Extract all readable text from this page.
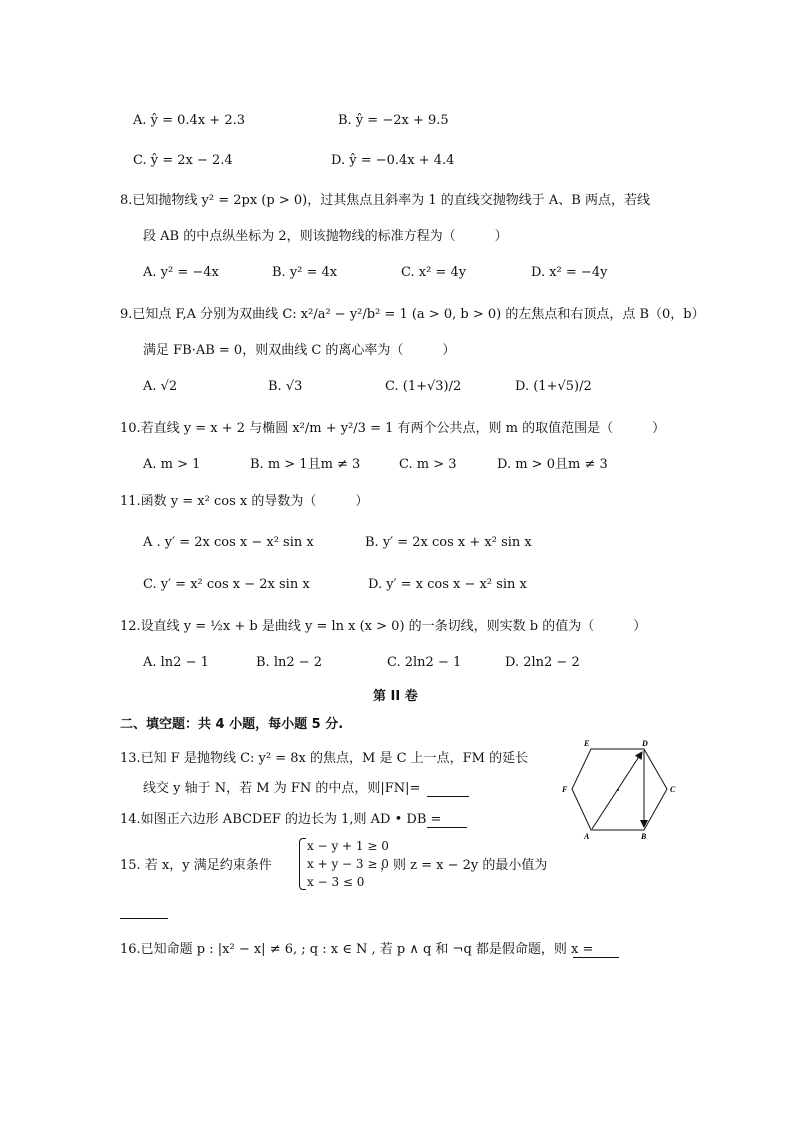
A. ŷ = 0.4x + 2.3	B. ŷ = −2x + 9.5
C. ŷ = 2x − 2.4	D. ŷ = −0.4x + 4.4
8.已知抛物线 y² = 2px (p > 0)，过其焦点且斜率为 1 的直线交抛物线于 A、B 两点，若线
段 AB 的中点纵坐标为 2，则该抛物线的标准方程为（　　　）
A. y² = −4x	B. y² = 4x	C. x² = 4y	D. x² = −4y
9.已知点 F,A 分别为双曲线 C: x²/a² − y²/b² = 1 (a > 0, b > 0) 的左焦点和右顶点，点 B（0，b）
满足 FB·AB = 0，则双曲线 C 的离心率为（　　　）
A. √2	B. √3	C. (1+√3)/2	D. (1+√5)/2
10.若直线 y = x + 2 与椭圆 x²/m + y²/3 = 1 有两个公共点，则 m 的取值范围是（　　　）
A. m > 1	B. m > 1且m ≠ 3	C. m > 3	D. m > 0且m ≠ 3
11.函数 y = x² cos x 的导数为（　　　）
A . y′ = 2x cos x − x² sin x	B. y′ = 2x cos x + x² sin x
C. y′ = x² cos x − 2x sin x	D. y′ = x cos x − x² sin x
12.设直线 y = ½x + b 是曲线 y = ln x (x > 0) 的一条切线，则实数 b 的值为（　　　）
A. ln2 − 1	B. ln2 − 2	C. 2ln2 − 1	D. 2ln2 − 2
第 II 卷
二、填空题：共 4 小题，每小题 5 分.
13.已知 F 是抛物线 C: y² = 8x 的焦点，M 是 C 上一点，FM 的延长
线交 y 轴于 N，若 M 为 FN 的中点，则|FN|=
14.如图正六边形 ABCDEF 的边长为 1,则 AD • DB =
15. 若 x，y 满足约束条件
x − y + 1 ≥ 0
x + y − 3 ≥ 0
x − 3 ≤ 0
，则 z = x − 2y 的最小值为
16.已知命题 p : |x² − x| ≠ 6, ; q : x ∈ N , 若 p ∧ q 和 ¬q 都是假命题，则 x =
E	D
F	C
A	B
